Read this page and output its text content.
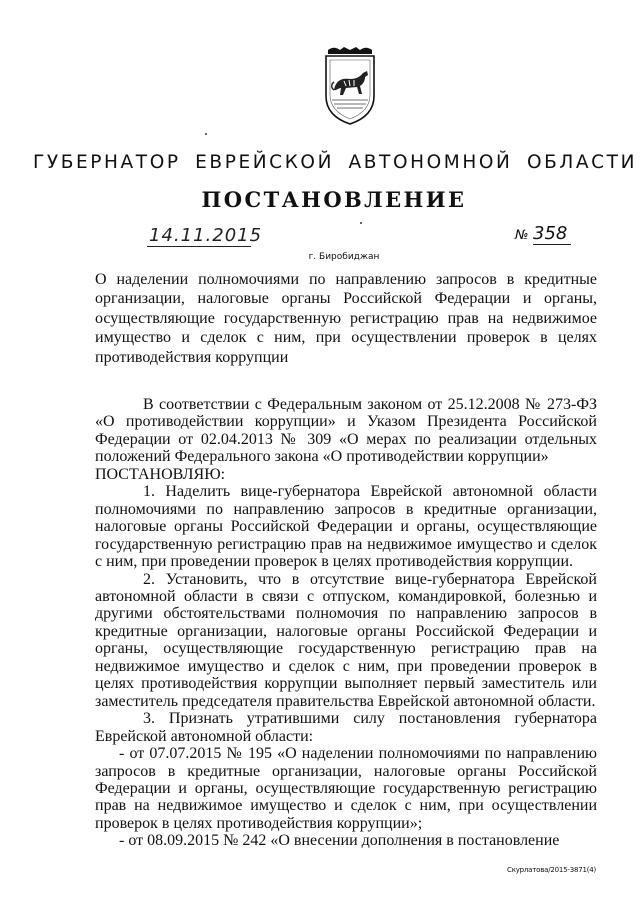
ГУБЕРНАТОР ЕВРЕЙСКОЙ АВТОНОМНОЙ ОБЛАСТИ
ПОСТАНОВЛЕНИЕ
14.11.2015	№ 358
г. Биробиджан
О наделении полномочиями по направлению запросов в кредитные организации, налоговые органы Российской Федерации и органы, осуществляющие государственную регистрацию прав на недвижимое имущество и сделок с ним, при осуществлении проверок в целях противодействия коррупции

В соответствии с Федеральным законом от 25.12.2008 № 273-ФЗ «О противодействии коррупции» и Указом Президента Российской Федерации от 02.04.2013 № 309 «О мерах по реализации отдельных положений Федерального закона «О противодействии коррупции»

ПОСТАНОВЛЯЮ:

1. Наделить вице-губернатора Еврейской автономной области полномочиями по направлению запросов в кредитные организации, налоговые органы Российской Федерации и органы, осуществляющие государственную регистрацию прав на недвижимое имущество и сделок с ним, при проведении проверок в целях противодействия коррупции.

2. Установить, что в отсутствие вице-губернатора Еврейской автономной области в связи с отпуском, командировкой, болезнью и другими обстоятельствами полномочия по направлению запросов в кредитные организации, налоговые органы Российской Федерации и органы, осуществляющие государственную регистрацию прав на недвижимое имущество и сделок с ним, при проведении проверок в целях противодействия коррупции выполняет первый заместитель или заместитель председателя правительства Еврейской автономной области.

3. Признать утратившими силу постановления губернатора Еврейской автономной области:

- от 07.07.2015 № 195 «О наделении полномочиями по направлению запросов в кредитные организации, налоговые органы Российской Федерации и органы, осуществляющие государственную регистрацию прав на недвижимое имущество и сделок с ним, при осуществлении проверок в целях противодействия коррупции»;

- от 08.09.2015 № 242 «О внесении дополнения в постановление

Скурлатова/2015-3871(4)
